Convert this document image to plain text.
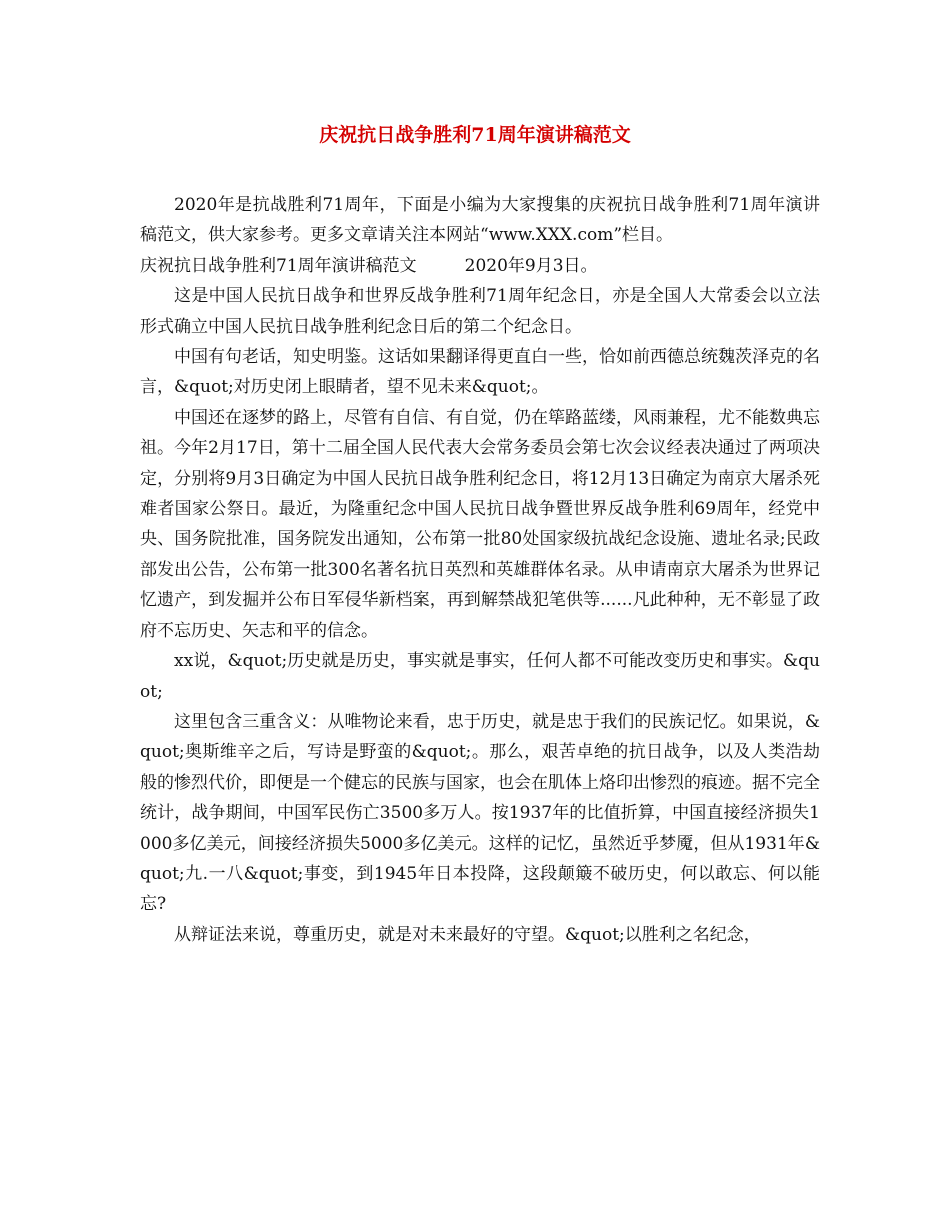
庆祝抗日战争胜利71周年演讲稿范文

2020年是抗战胜利71周年，下面是小编为大家搜集的庆祝抗日战争胜利71周年演讲稿范文，供大家参考。更多文章请关注本网站“www.XXX.com”栏目。

庆祝抗日战争胜利71周年演讲稿范文	2020年9月3日。

这是中国人民抗日战争和世界反战争胜利71周年纪念日，亦是全国人大常委会以立法形式确立中国人民抗日战争胜利纪念日后的第二个纪念日。

中国有句老话，知史明鉴。这话如果翻译得更直白一些，恰如前西德总统魏茨泽克的名言，&quot;对历史闭上眼睛者，望不见未来&quot;。

中国还在逐梦的路上，尽管有自信、有自觉，仍在筚路蓝缕，风雨兼程，尤不能数典忘祖。今年2月17日，第十二届全国人民代表大会常务委员会第七次会议经表决通过了两项决定，分别将9月3日确定为中国人民抗日战争胜利纪念日，将12月13日确定为南京大屠杀死难者国家公祭日。最近，为隆重纪念中国人民抗日战争暨世界反战争胜利69周年，经党中央、国务院批准，国务院发出通知，公布第一批80处国家级抗战纪念设施、遗址名录;民政部发出公告，公布第一批300名著名抗日英烈和英雄群体名录。从申请南京大屠杀为世界记忆遗产，到发掘并公布日军侵华新档案，再到解禁战犯笔供等......凡此种种，无不彰显了政府不忘历史、矢志和平的信念。

xx说，&quot;历史就是历史，事实就是事实，任何人都不可能改变历史和事实。&quot;

这里包含三重含义：从唯物论来看，忠于历史，就是忠于我们的民族记忆。如果说，&quot;奥斯维辛之后，写诗是野蛮的&quot;。那么，艰苦卓绝的抗日战争，以及人类浩劫般的惨烈代价，即便是一个健忘的民族与国家，也会在肌体上烙印出惨烈的痕迹。据不完全统计，战争期间，中国军民伤亡3500多万人。按1937年的比值折算，中国直接经济损失1000多亿美元，间接经济损失5000多亿美元。这样的记忆，虽然近乎梦魇，但从1931年&quot;九.一八&quot;事变，到1945年日本投降，这段颠簸不破历史，何以敢忘、何以能忘?

从辩证法来说，尊重历史，就是对未来最好的守望。&quot;以胜利之名纪念，
